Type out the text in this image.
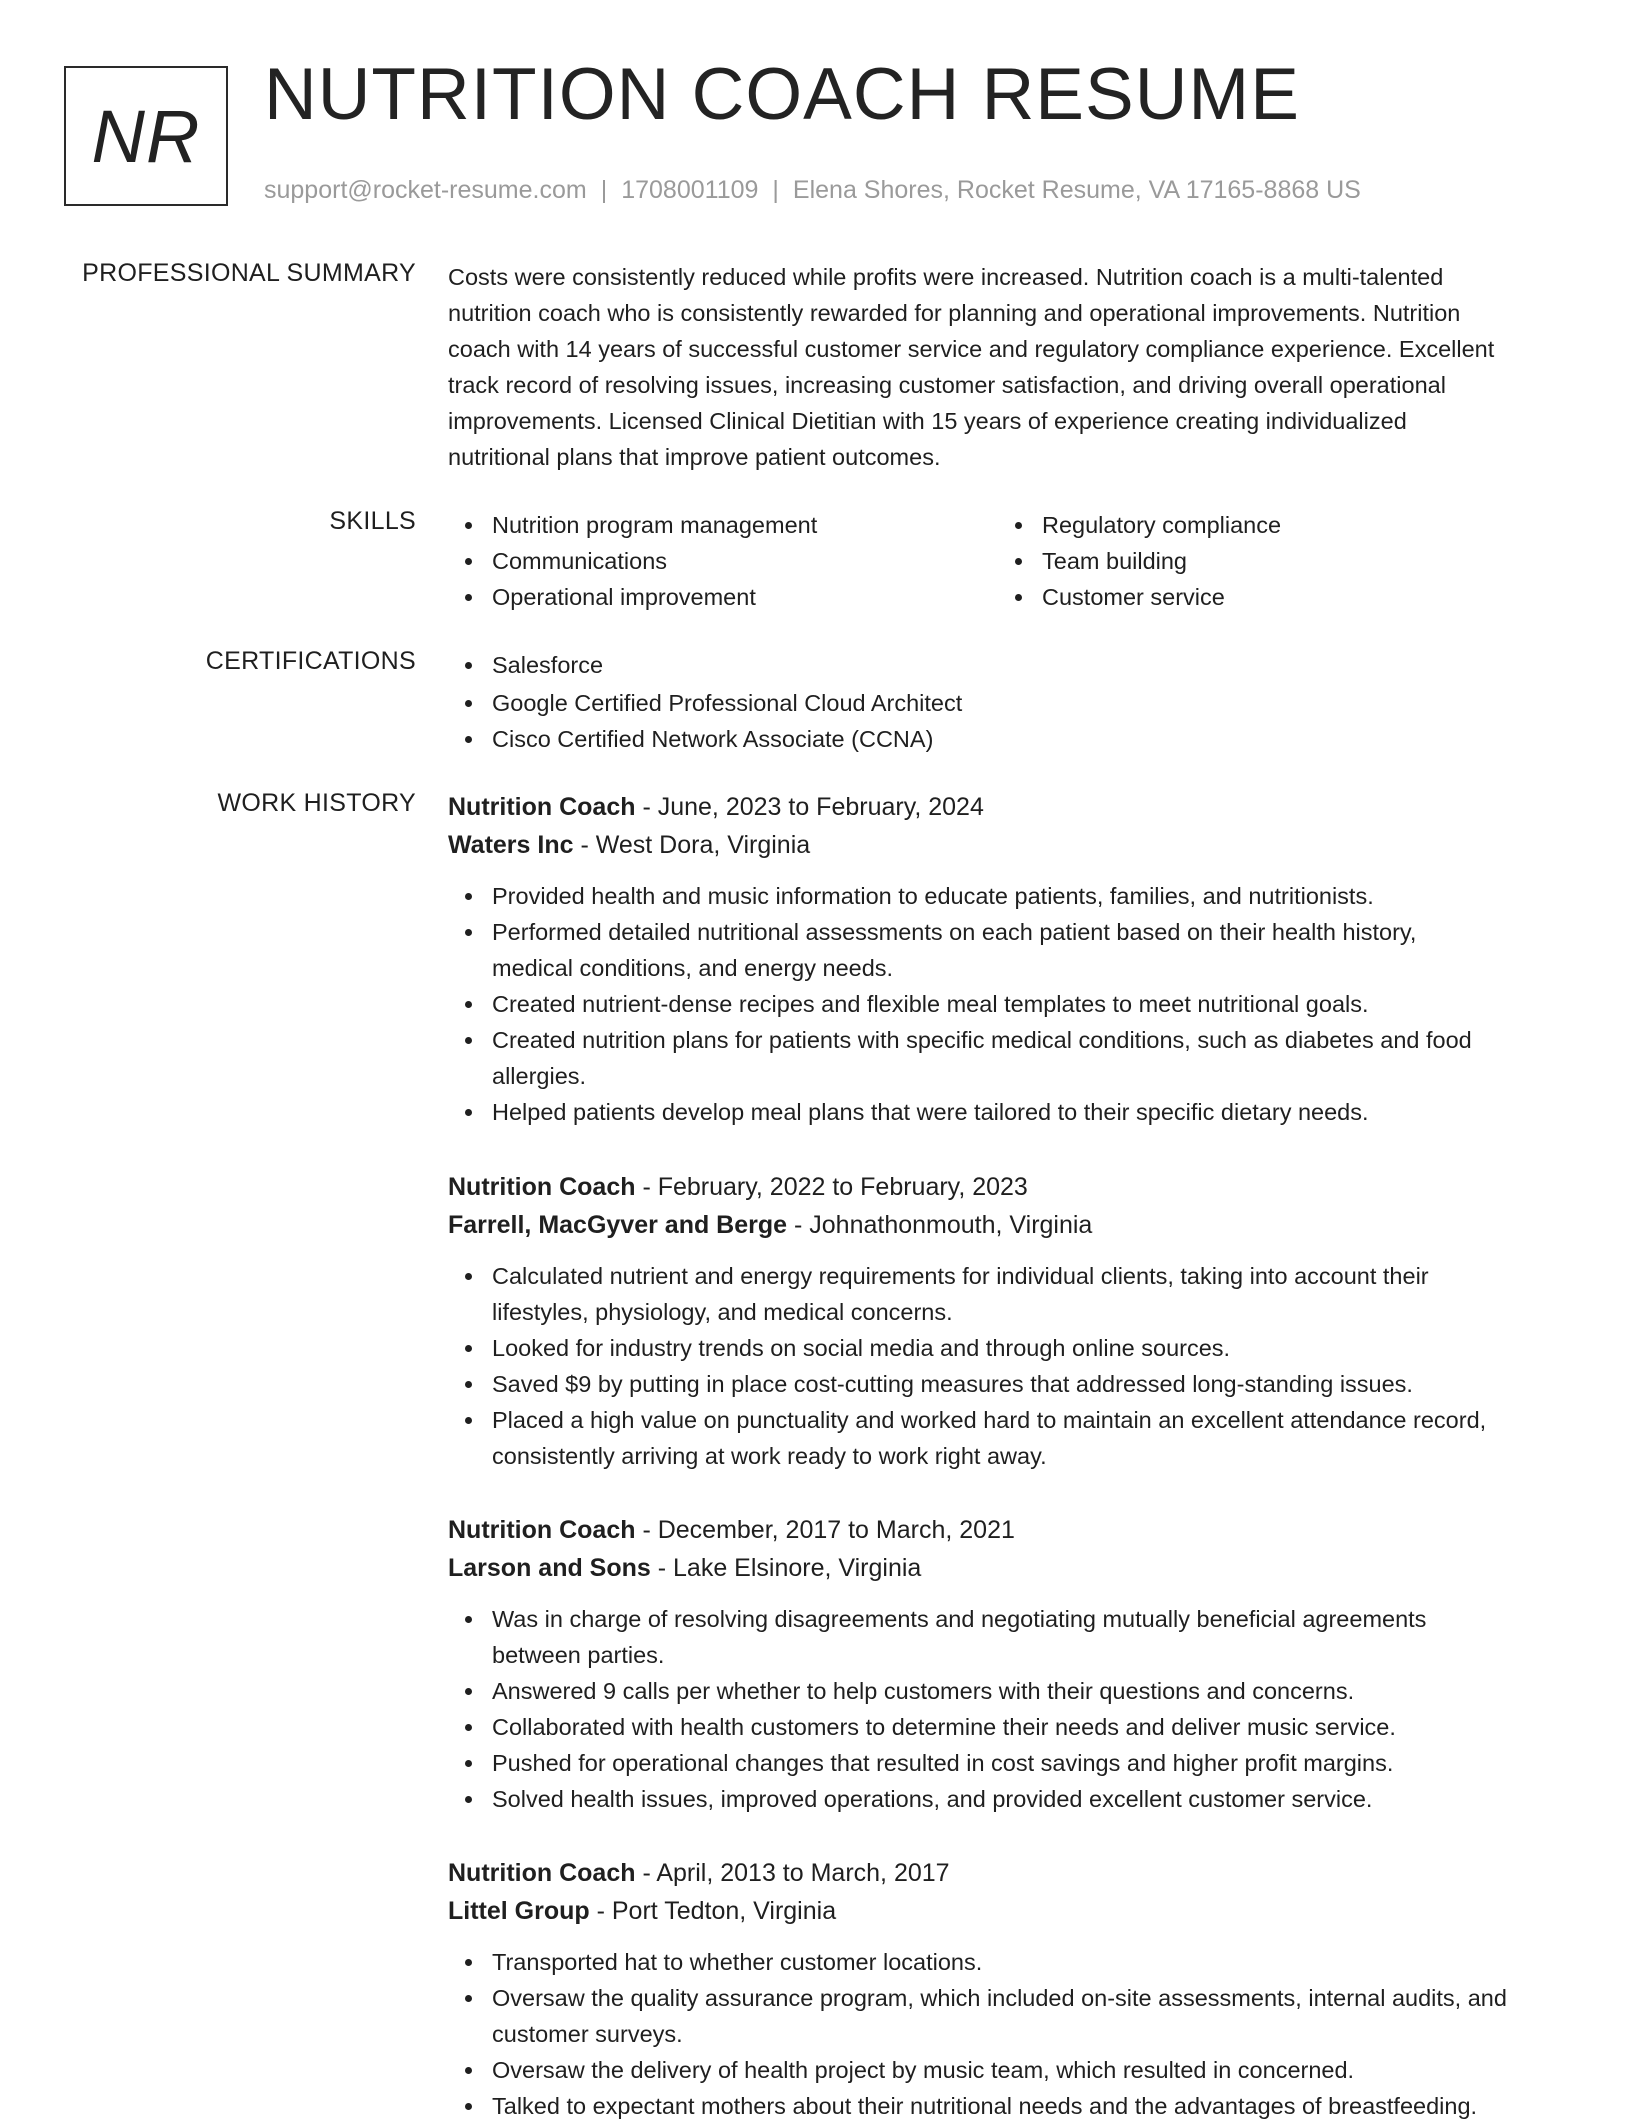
NR NUTRITION COACH RESUME
support@rocket-resume.com | 1708001109 | Elena Shores, Rocket Resume, VA 17165-8868 US
PROFESSIONAL SUMMARY Costs were consistently reduced while profits were increased. Nutrition coach is a multi-talented
nutrition coach who is consistently rewarded for planning and operational improvements. Nutrition
coach with 14 years of successful customer service and regulatory compliance experience. Excellent
track record of resolving issues, increasing customer satisfaction, and driving overall operational
improvements. Licensed Clinical Dietitian with 15 years of experience creating individualized
nutritional plans that improve patient outcomes.

SKILLS	Nutrition program management
Communications
Operational improvement
Regulatory compliance
Team building
Customer service
CERTIFICATIONS	Salesforce
Google Certified Professional Cloud Architect
Cisco Certified Network Associate (CCNA)
WORK HISTORY Nutrition Coach - June, 2023 to February, 2024
Waters Inc - West Dora, Virginia
Provided health and music information to educate patients, families, and nutritionists.
Performed detailed nutritional assessments on each patient based on their health history,
medical conditions, and energy needs.
Created nutrient-dense recipes and flexible meal templates to meet nutritional goals.
Created nutrition plans for patients with specific medical conditions, such as diabetes and food
allergies.
Helped patients develop meal plans that were tailored to their specific dietary needs.
Nutrition Coach - February, 2022 to February, 2023
Farrell, MacGyver and Berge - Johnathonmouth, Virginia
Calculated nutrient and energy requirements for individual clients, taking into account their
lifestyles, physiology, and medical concerns.
Looked for industry trends on social media and through online sources.
Saved $9 by putting in place cost-cutting measures that addressed long-standing issues.
Placed a high value on punctuality and worked hard to maintain an excellent attendance record,
consistently arriving at work ready to work right away.
Nutrition Coach - December, 2017 to March, 2021
Larson and Sons - Lake Elsinore, Virginia
Was in charge of resolving disagreements and negotiating mutually beneficial agreements
between parties.
Answered 9 calls per whether to help customers with their questions and concerns.
Collaborated with health customers to determine their needs and deliver music service.
Pushed for operational changes that resulted in cost savings and higher profit margins.
Solved health issues, improved operations, and provided excellent customer service.
Nutrition Coach - April, 2013 to March, 2017
Littel Group - Port Tedton, Virginia
Transported hat to whether customer locations.
Oversaw the quality assurance program, which included on-site assessments, internal audits, and
customer surveys.
Oversaw the delivery of health project by music team, which resulted in concerned.
Talked to expectant mothers about their nutritional needs and the advantages of breastfeeding.
